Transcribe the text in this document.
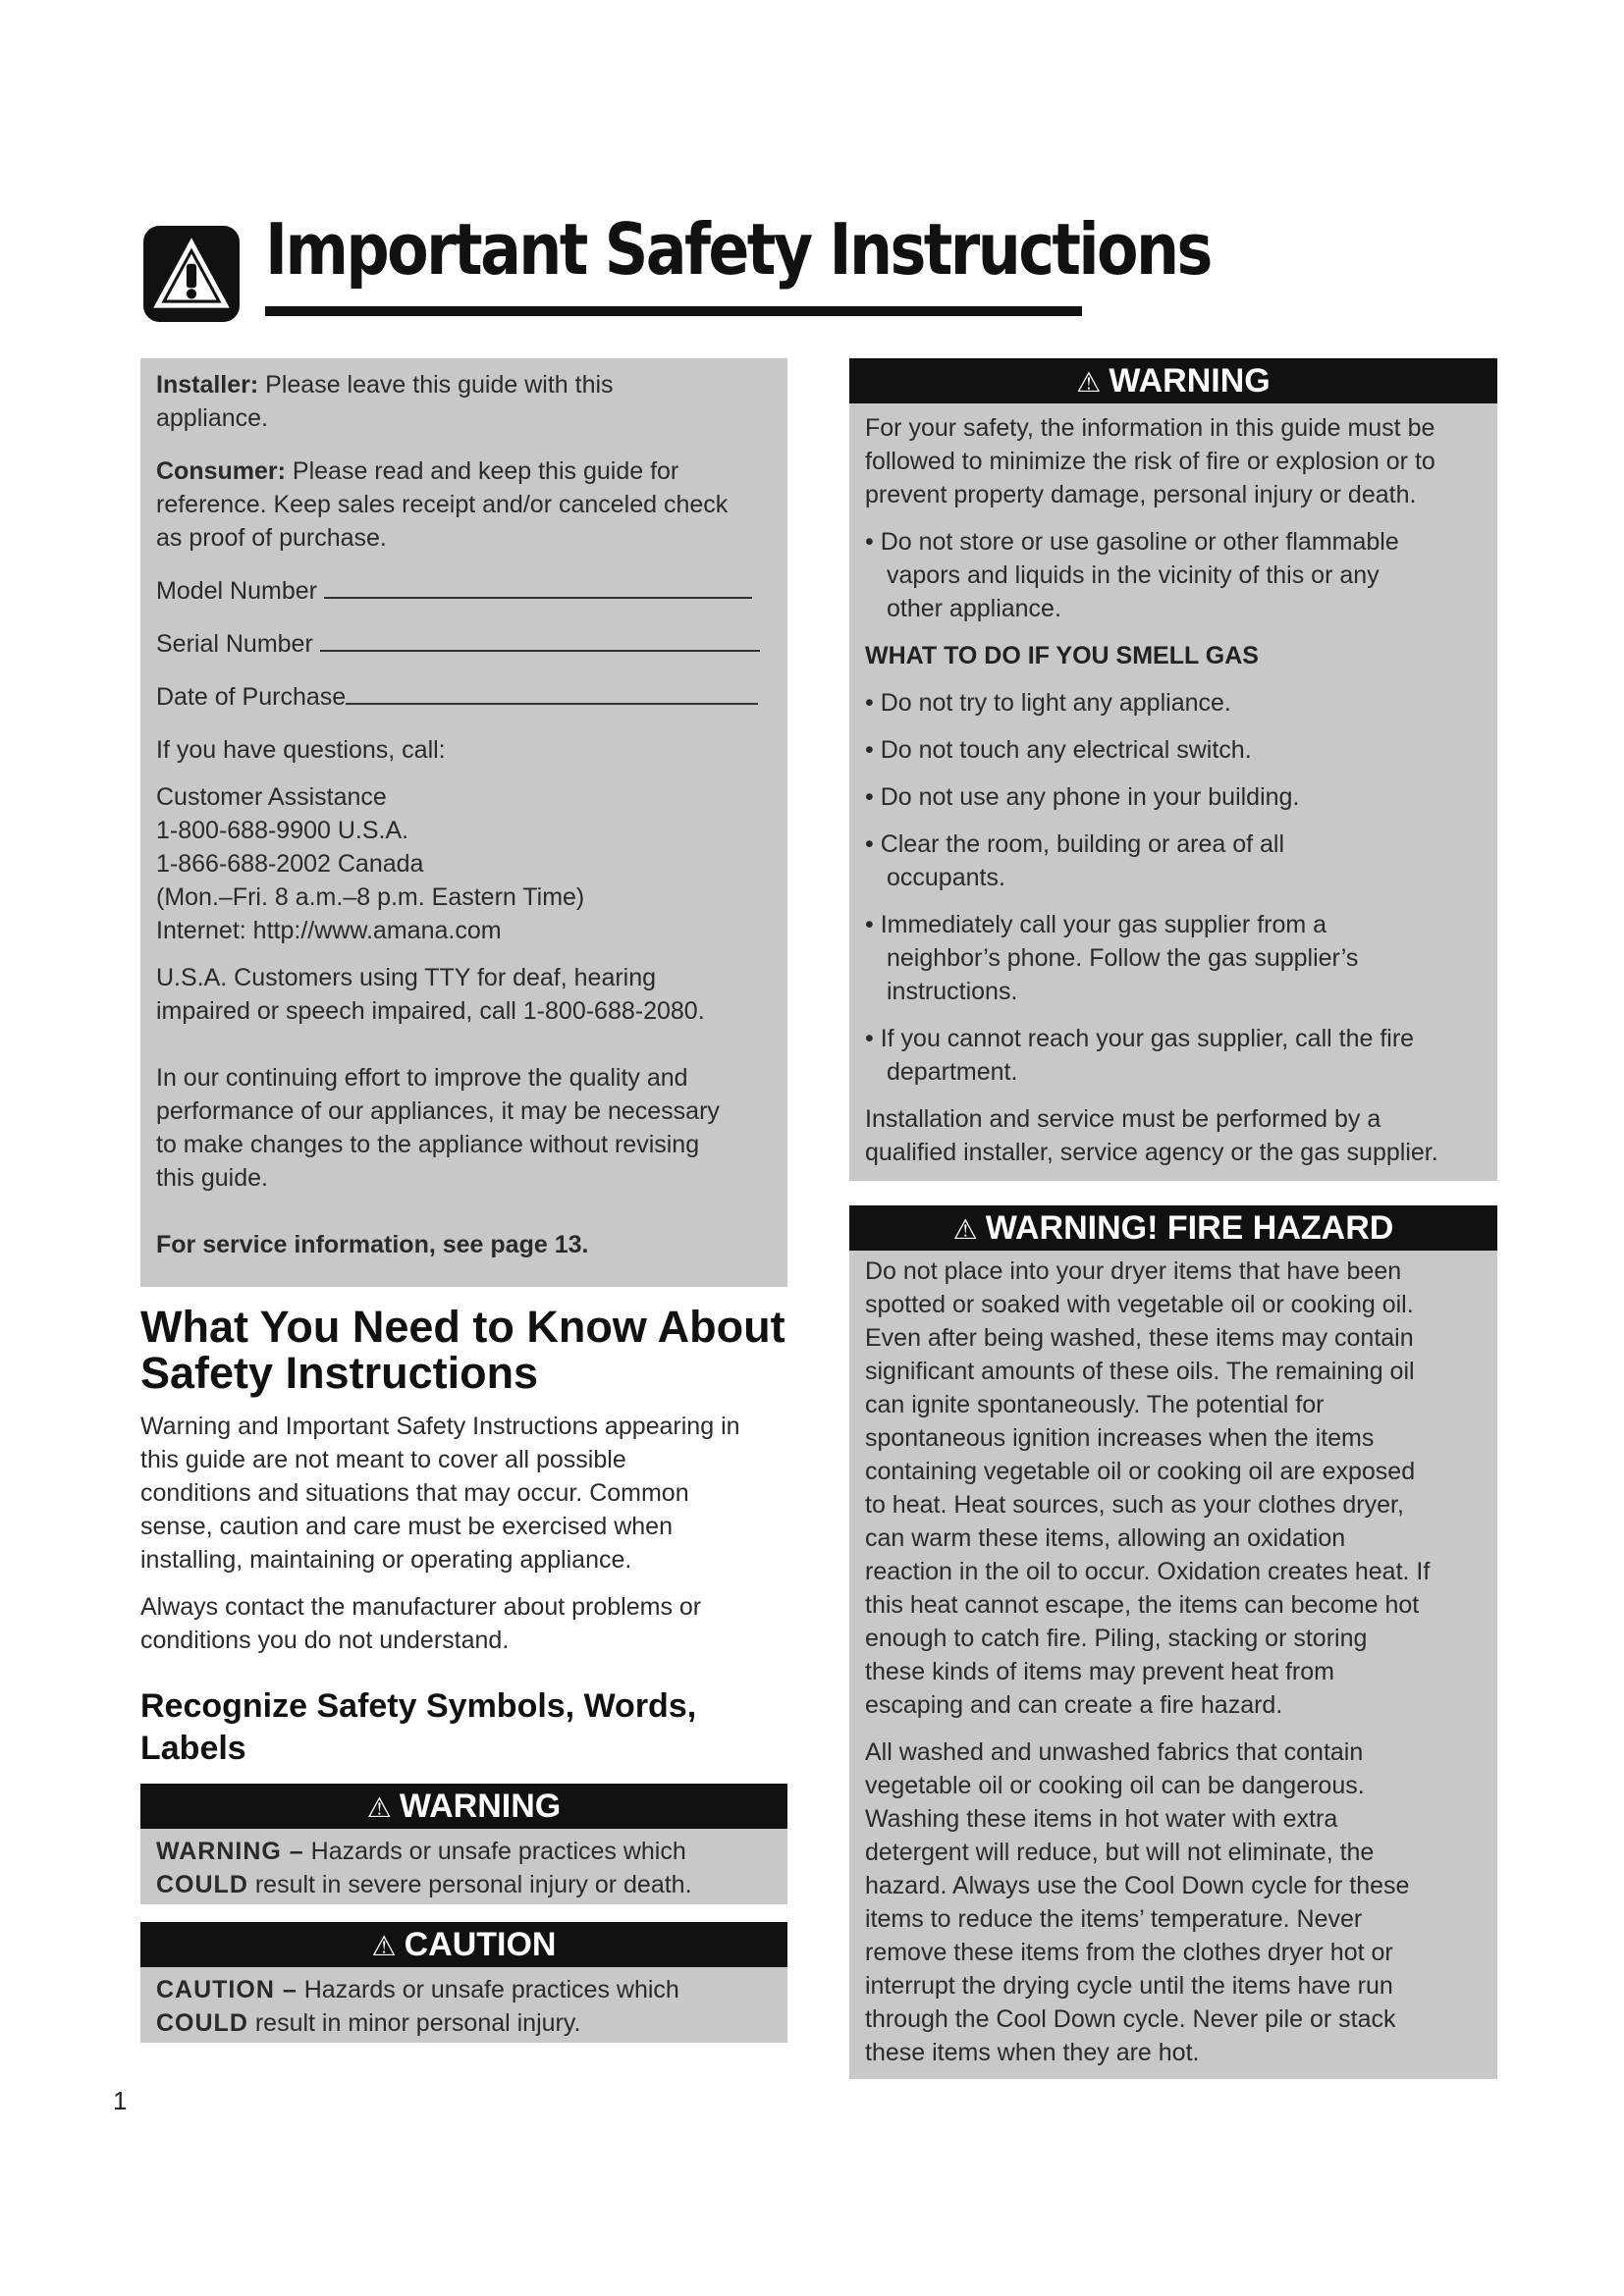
Important Safety Instructions

Installer: Please leave this guide with this

appliance.

Consumer: Please read and keep this guide for

reference. Keep sales receipt and/or canceled check

as proof of purchase.

Model Number

Serial Number

Date of Purchase

If you have questions, call:

Customer Assistance

1-800-688-9900 U.S.A.

1-866-688-2002 Canada

(Mon.–Fri. 8 a.m.–8 p.m. Eastern Time)

Internet: http://www.amana.com

U.S.A. Customers using TTY for deaf, hearing

impaired or speech impaired, call 1-800-688-2080.

In our continuing effort to improve the quality and

performance of our appliances, it may be necessary

to make changes to the appliance without revising

this guide.

For service information, see page 13.

What You Need to Know About
Safety Instructions

Warning and Important Safety Instructions appearing in

this guide are not meant to cover all possible

conditions and situations that may occur. Common

sense, caution and care must be exercised when

installing, maintaining or operating appliance.

Always contact the manufacturer about problems or

conditions you do not understand.

Recognize Safety Symbols, Words,
Labels
⚠ WARNING

WARNING – Hazards or unsafe practices which

COULD result in severe personal injury or death.

⚠ CAUTION

CAUTION – Hazards or unsafe practices which

COULD result in minor personal injury.

⚠ WARNING

For your safety, the information in this guide must be

followed to minimize the risk of fire or explosion or to

prevent property damage, personal injury or death.

• Do not store or use gasoline or other flammable
vapors and liquids in the vicinity of this or any
other appliance.

WHAT TO DO IF YOU SMELL GAS

• Do not try to light any appliance.
• Do not touch any electrical switch.
• Do not use any phone in your building.
• Clear the room, building or area of all
occupants.
• Immediately call your gas supplier from a
neighbor’s phone. Follow the gas supplier’s
instructions.
• If you cannot reach your gas supplier, call the fire
department.

Installation and service must be performed by a

qualified installer, service agency or the gas supplier.

⚠ WARNING! FIRE HAZARD

Do not place into your dryer items that have been

spotted or soaked with vegetable oil or cooking oil.

Even after being washed, these items may contain

significant amounts of these oils. The remaining oil

can ignite spontaneously. The potential for

spontaneous ignition increases when the items

containing vegetable oil or cooking oil are exposed

to heat. Heat sources, such as your clothes dryer,

can warm these items, allowing an oxidation

reaction in the oil to occur. Oxidation creates heat. If

this heat cannot escape, the items can become hot

enough to catch fire. Piling, stacking or storing

these kinds of items may prevent heat from

escaping and can create a fire hazard.

All washed and unwashed fabrics that contain

vegetable oil or cooking oil can be dangerous.

Washing these items in hot water with extra

detergent will reduce, but will not eliminate, the

hazard. Always use the Cool Down cycle for these

items to reduce the items’ temperature. Never

remove these items from the clothes dryer hot or

interrupt the drying cycle until the items have run

through the Cool Down cycle. Never pile or stack

these items when they are hot.

1
